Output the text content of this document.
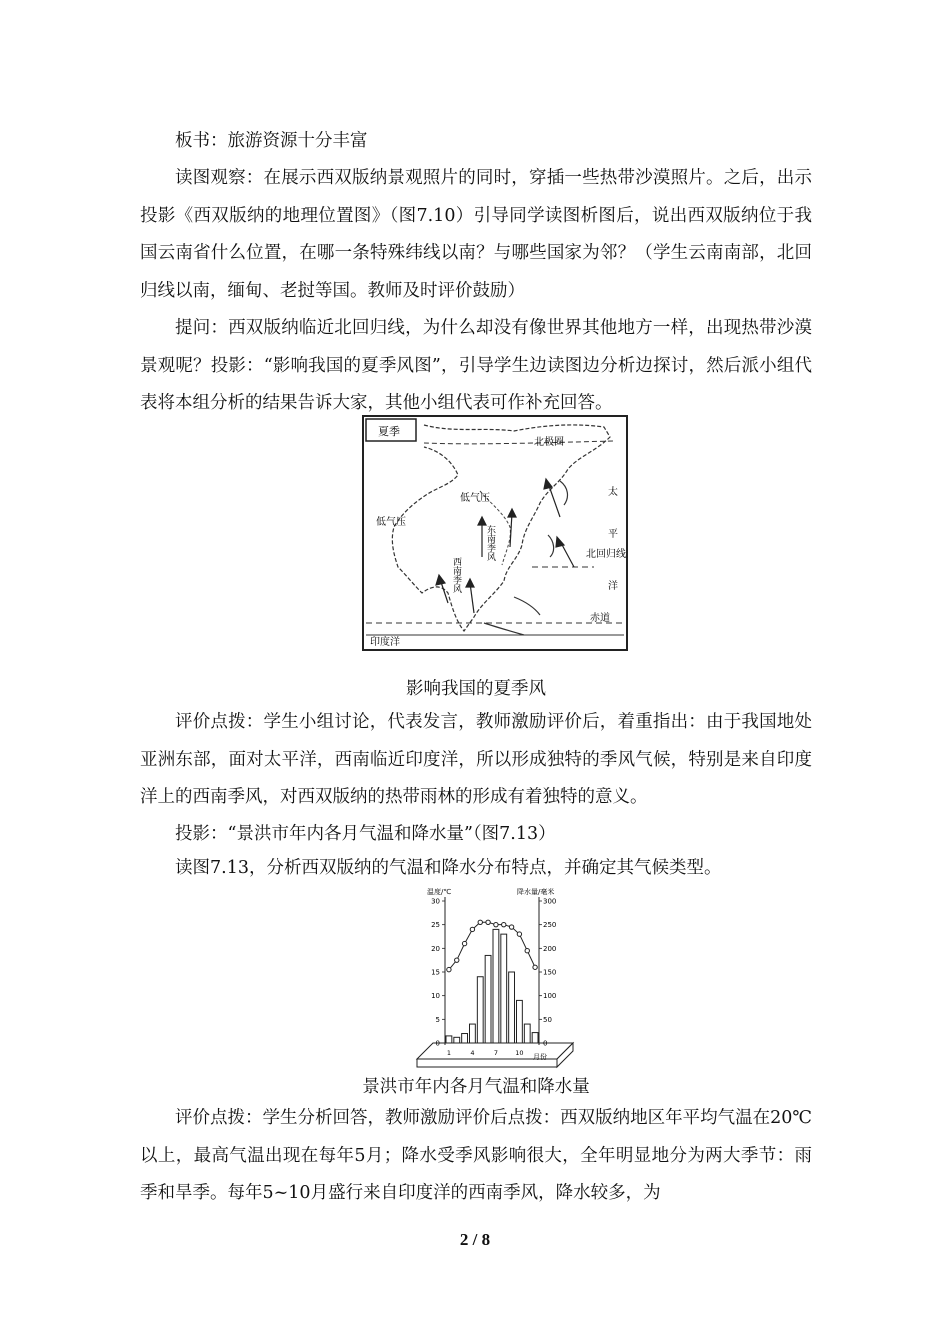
板书：旅游资源十分丰富

读图观察：在展示西双版纳景观照片的同时，穿插一些热带沙漠照片。之后，出示投影《西双版纳的地理位置图》（图7.10）引导同学读图析图后，说出西双版纳位于我国云南省什么位置，在哪一条特殊纬线以南？与哪些国家为邻？（学生云南南部，北回归线以南，缅甸、老挝等国。教师及时评价鼓励）

提问：西双版纳临近北回归线，为什么却没有像世界其他地方一样，出现热带沙漠景观呢？投影：“影响我国的夏季风图”，引导学生边读图边分析边探讨，然后派小组代表将本组分析的结果告诉大家，其他小组代表可作补充回答。

夏季
北极圈
北回归线
赤道
低气压
低气压
太
平
洋
东南季风
西南季风
印度洋

影响我国的夏季风

评价点拨：学生小组讨论，代表发言，教师激励评价后，着重指出：由于我国地处亚洲东部，面对太平洋，西南临近印度洋，所以形成独特的季风气候，特别是来自印度洋上的西南季风，对西双版纳的热带雨林的形成有着独特的意义。

投影：“景洪市年内各月气温和降水量”（图7.13）

读图7.13，分析西双版纳的气温和降水分布特点，并确定其气候类型。

温度/℃	降水量/毫米
0
5
10
15
20
25
30
0
50
100
150
200
250
300
1	4	7	10 月份

景洪市年内各月气温和降水量

评价点拨：学生分析回答，教师激励评价后点拨：西双版纳地区年平均气温在20℃以上，最高气温出现在每年5月；降水受季风影响很大，全年明显地分为两大季节：雨季和旱季。每年5~10月盛行来自印度洋的西南季风，降水较多，为

2 / 8
